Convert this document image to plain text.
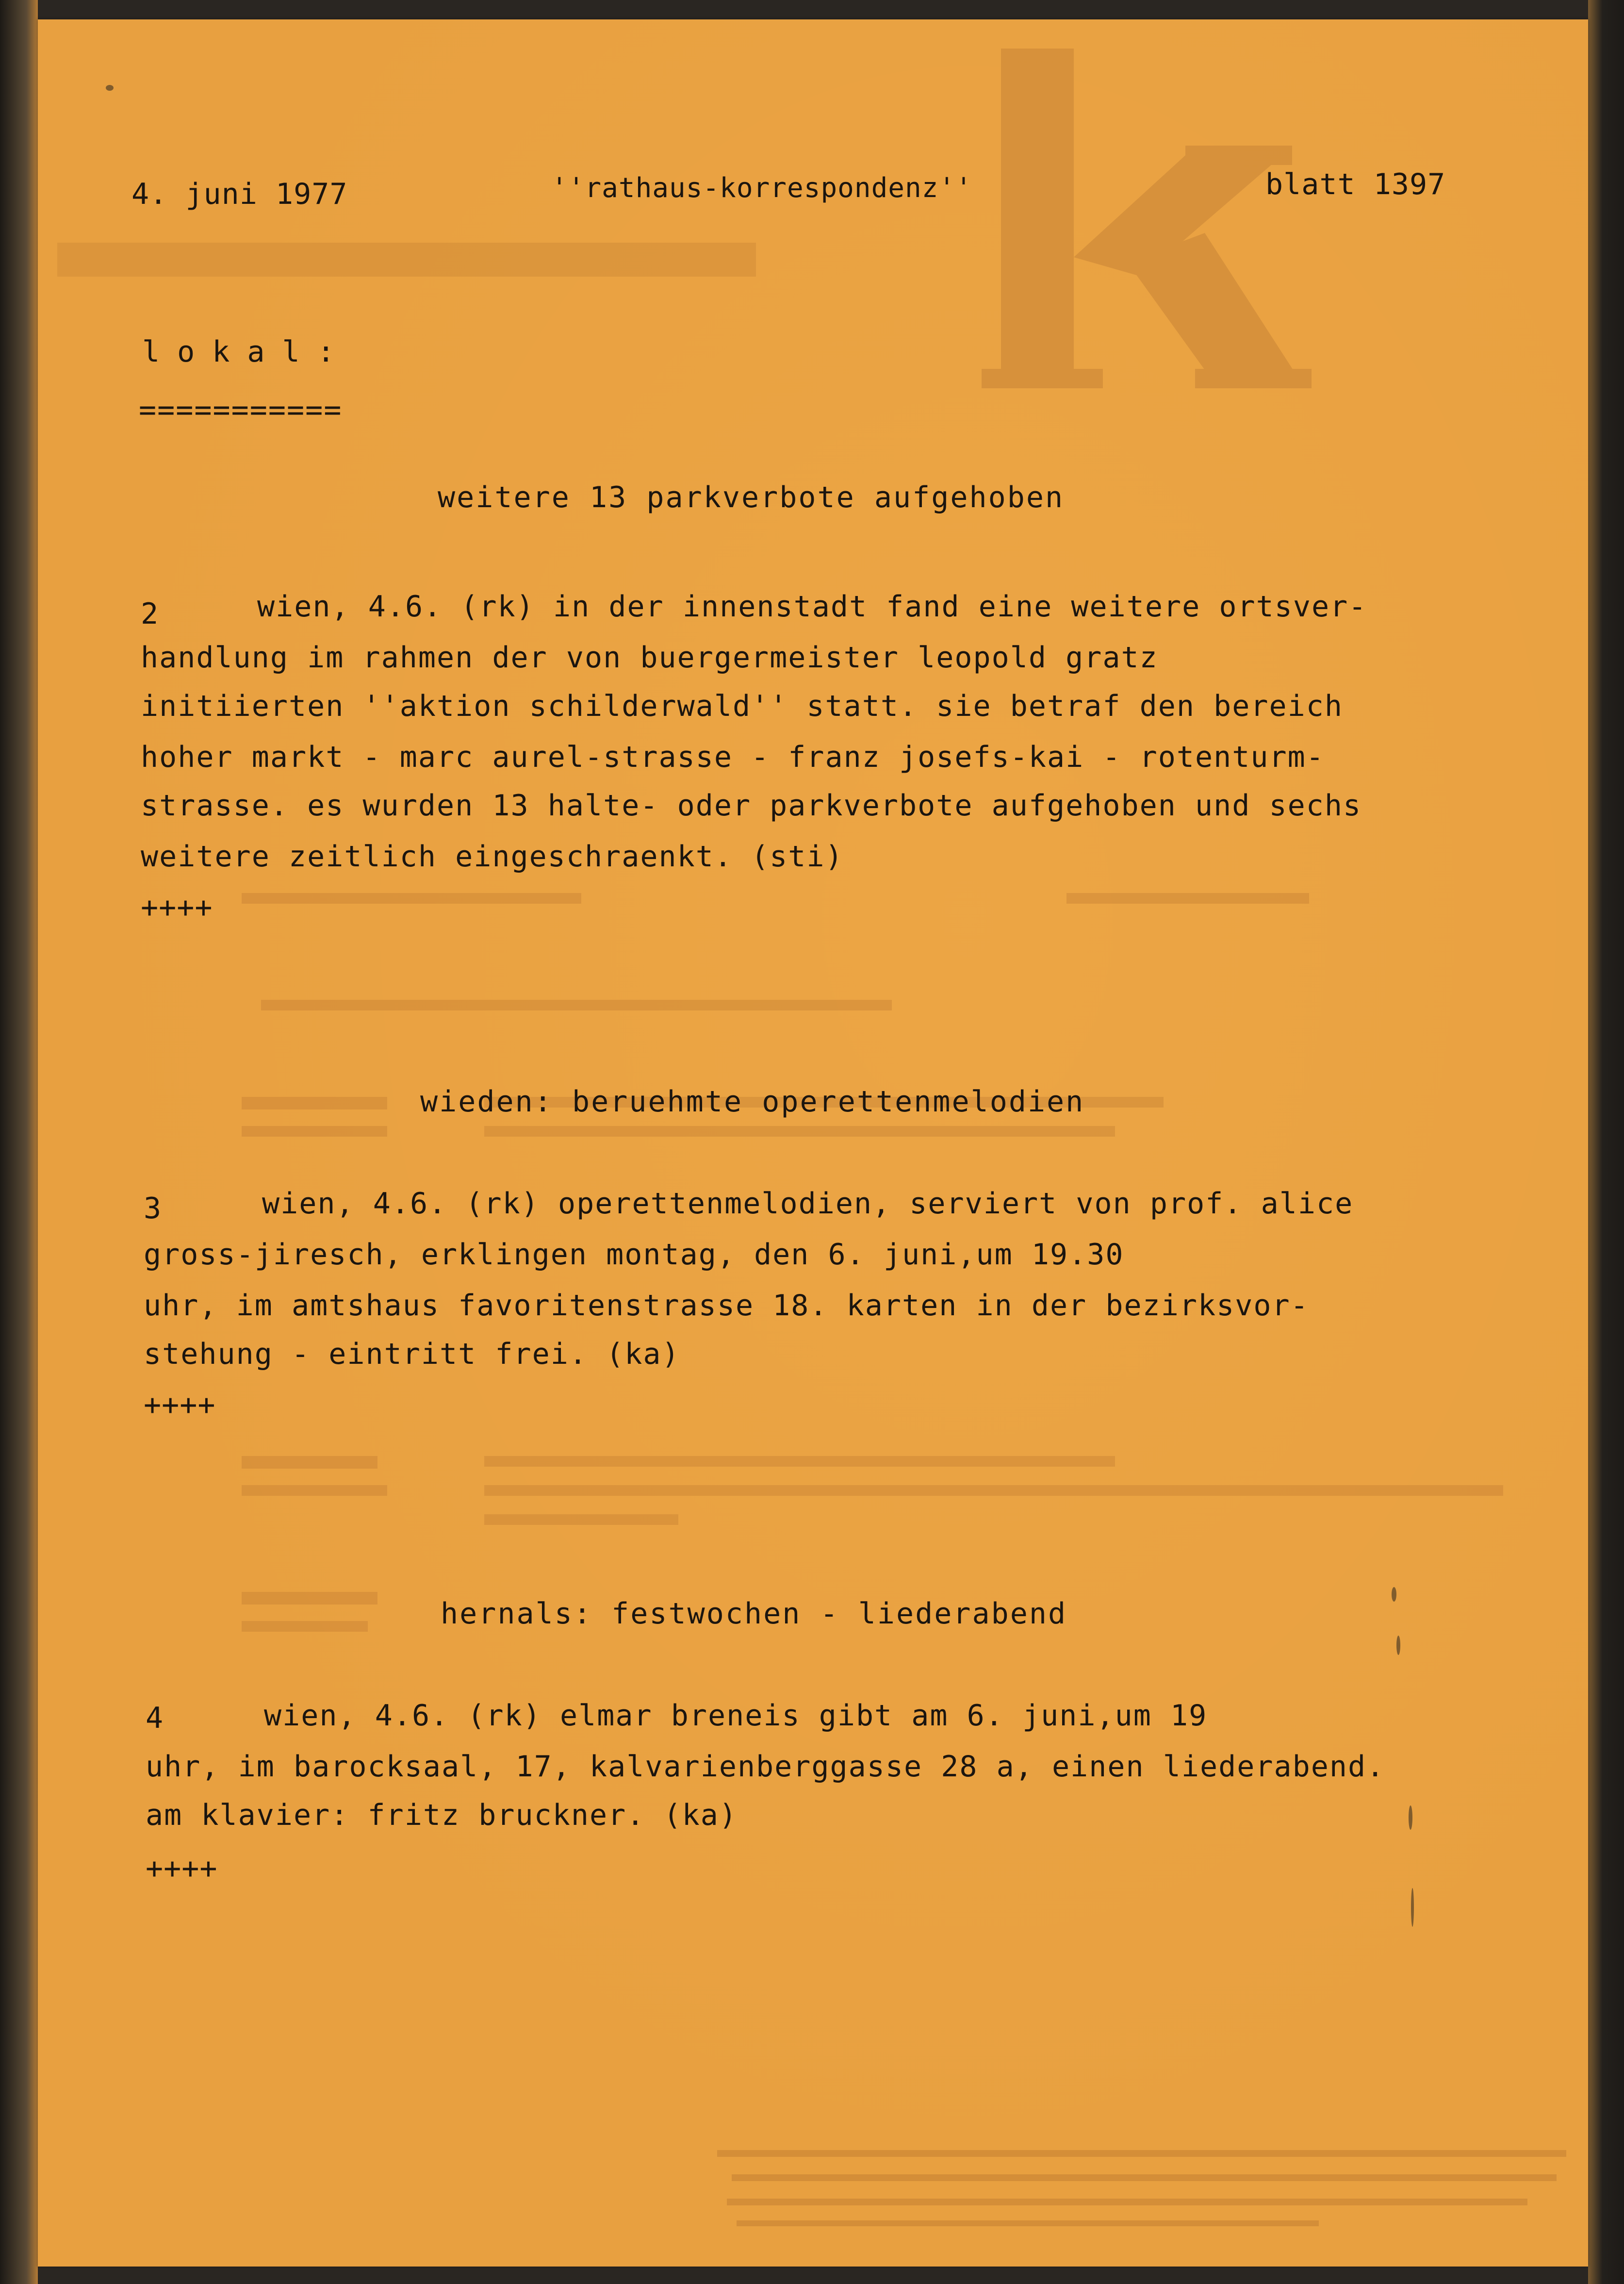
4. juni 1977	''rathaus-korrespondenz''	blatt 1397
lokal:
===========
weitere 13 parkverbote aufgehoben
2	wien, 4.6. (rk) in der innenstadt fand eine weitere ortsver-
handlung im rahmen der von buergermeister leopold gratz
initiierten ''aktion schilderwald'' statt. sie betraf den bereich
hoher markt - marc aurel-strasse - franz josefs-kai - rotenturm-
strasse. es wurden 13 halte- oder parkverbote aufgehoben und sechs
weitere zeitlich eingeschraenkt. (sti)
++++
wieden: beruehmte operettenmelodien
3	wien, 4.6. (rk) operettenmelodien, serviert von prof. alice
gross-jiresch, erklingen montag, den 6. juni,um 19.30
uhr, im amtshaus favoritenstrasse 18. karten in der bezirksvor-
stehung - eintritt frei. (ka)
++++
hernals: festwochen - liederabend
4	wien, 4.6. (rk) elmar breneis gibt am 6. juni,um 19
uhr, im barocksaal, 17, kalvarienberggasse 28 a, einen liederabend.
am klavier: fritz bruckner. (ka)
++++
